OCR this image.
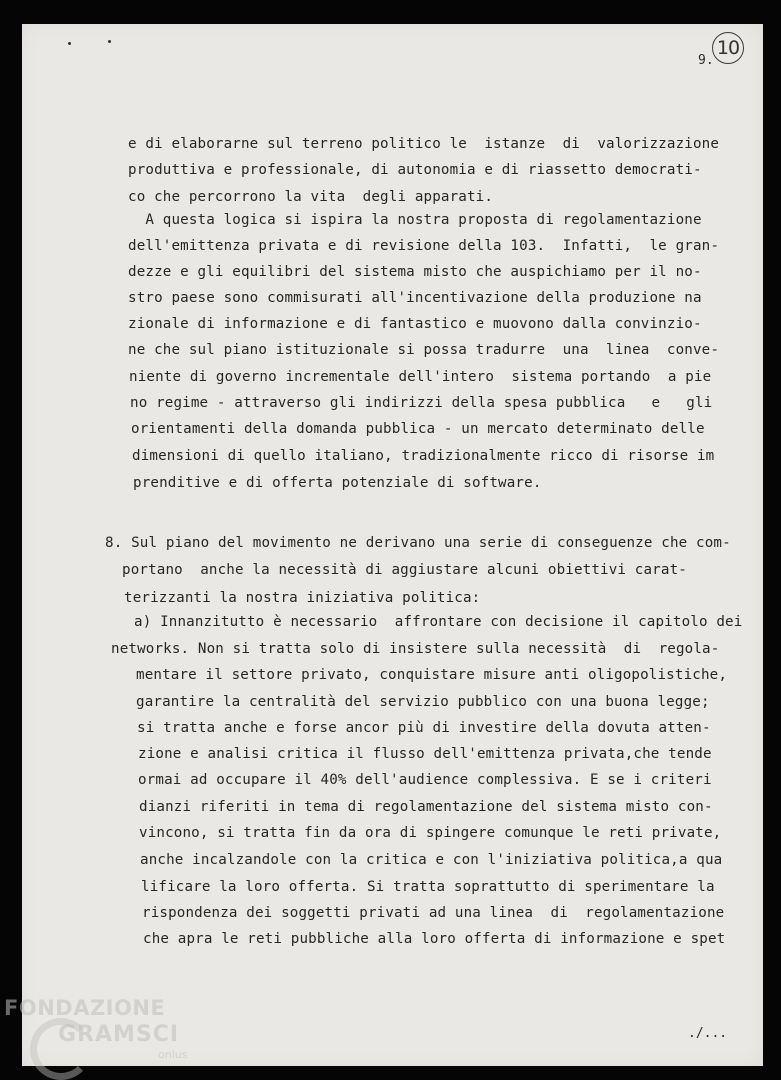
9.
10

e di elaborarne sul terreno politico le  istanze  di  valorizzazione

produttiva e professionale, di autonomia e di riassetto democrati-

co che percorrono la vita  degli apparati.

A questa logica si ispira la nostra proposta di regolamentazione

dell'emittenza privata e di revisione della 103.  Infatti,  le gran-

dezze e gli equilibri del sistema misto che auspichiamo per il no-

stro paese sono commisurati all'incentivazione della produzione na

zionale di informazione e di fantastico e muovono dalla convinzio-

ne che sul piano istituzionale si possa tradurre  una  linea  conve-

niente di governo incrementale dell'intero  sistema portando  a pie

no regime - attraverso gli indirizzi della spesa pubblica   e   gli

orientamenti della domanda pubblica - un mercato determinato delle

dimensioni di quello italiano, tradizionalmente ricco di risorse im

prenditive e di offerta potenziale di software.

8. Sul piano del movimento ne derivano una serie di conseguenze che com-

portano  anche la necessità di aggiustare alcuni obiettivi carat-

terizzanti la nostra iniziativa politica:

a) Innanzitutto è necessario  affrontare con decisione il capitolo dei

networks. Non si tratta solo di insistere sulla necessità  di  regola-

mentare il settore privato, conquistare misure anti oligopolistiche,

garantire la centralità del servizio pubblico con una buona legge;

si tratta anche e forse ancor più di investire della dovuta atten-

zione e analisi critica il flusso dell'emittenza privata,che tende

ormai ad occupare il 40% dell'audience complessiva. E se i criteri

dianzi riferiti in tema di regolamentazione del sistema misto con-

vincono, si tratta fin da ora di spingere comunque le reti private,

anche incalzandole con la critica e con l'iniziativa politica,a qua

lificare la loro offerta. Si tratta soprattutto di sperimentare la

rispondenza dei soggetti privati ad una linea  di  regolamentazione

che apra le reti pubbliche alla loro offerta di informazione e spet

./...
FONDAZIONE
GRAMSCI
onlus
